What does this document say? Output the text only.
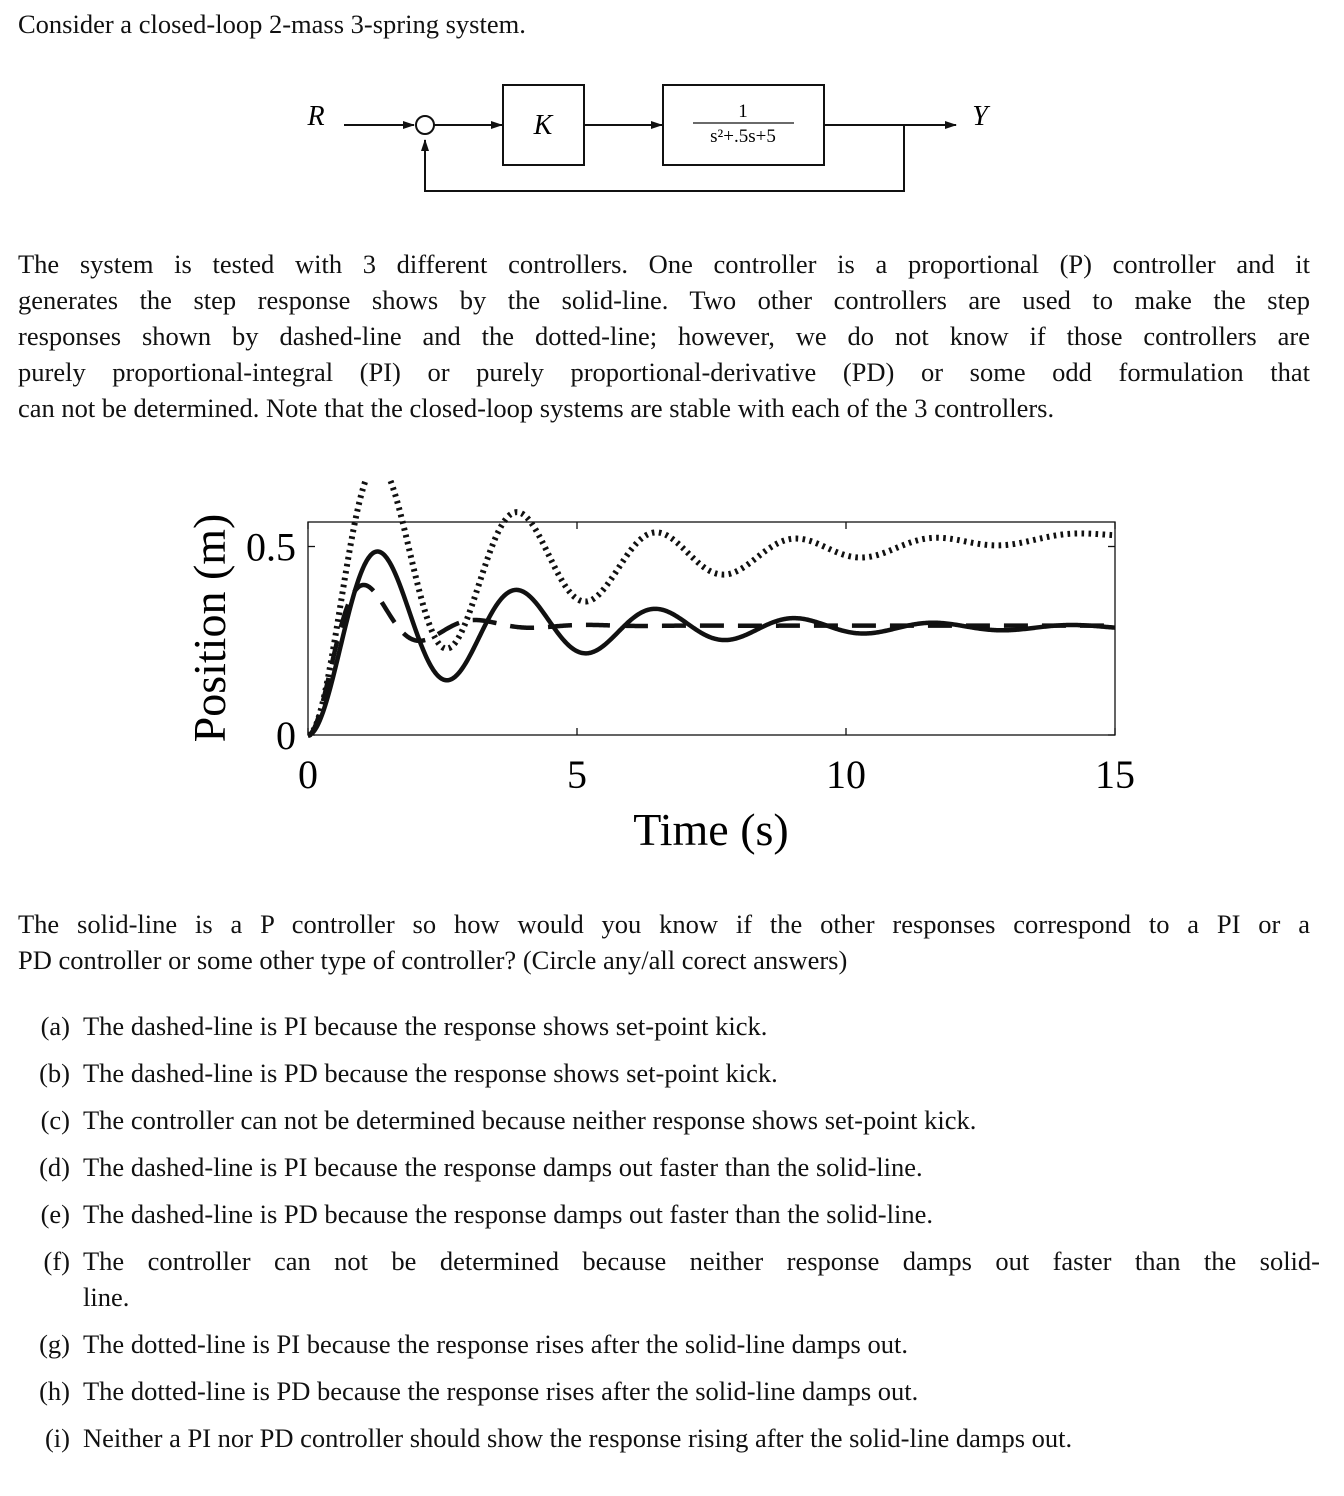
Consider a closed-loop 2-mass 3-spring system.

R	K	1
s²+.5s+5
Y
The system is tested with 3 different controllers. One controller is a proportional (P) controller and it
generates the step response shows by the solid-line. Two other controllers are used to make the step
responses shown by dashed-line and the dotted-line; however, we do not know if those controllers are
purely proportional-integral (PI) or purely proportional-derivative (PD) or some odd formulation that
can not be determined. Note that the closed-loop systems are stable with each of the 3 controllers.
0	5	10	15
0
0.5
Time (s)
Position (m)
The solid-line is a P controller so how would you know if the other responses correspond to a PI or a
PD controller or some other type of controller? (Circle any/all corect answers)
(a) The dashed-line is PI because the response shows set-point kick.
(b) The dashed-line is PD because the response shows set-point kick.
(c) The controller can not be determined because neither response shows set-point kick.
(d) The dashed-line is PI because the response damps out faster than the solid-line.
(e) The dashed-line is PD because the response damps out faster than the solid-line.
(f) The controller can not be determined because neither response damps out faster than the solid-
line.
(g) The dotted-line is PI because the response rises after the solid-line damps out.
(h) The dotted-line is PD because the response rises after the solid-line damps out.
(i) Neither a PI nor PD controller should show the response rising after the solid-line damps out.
